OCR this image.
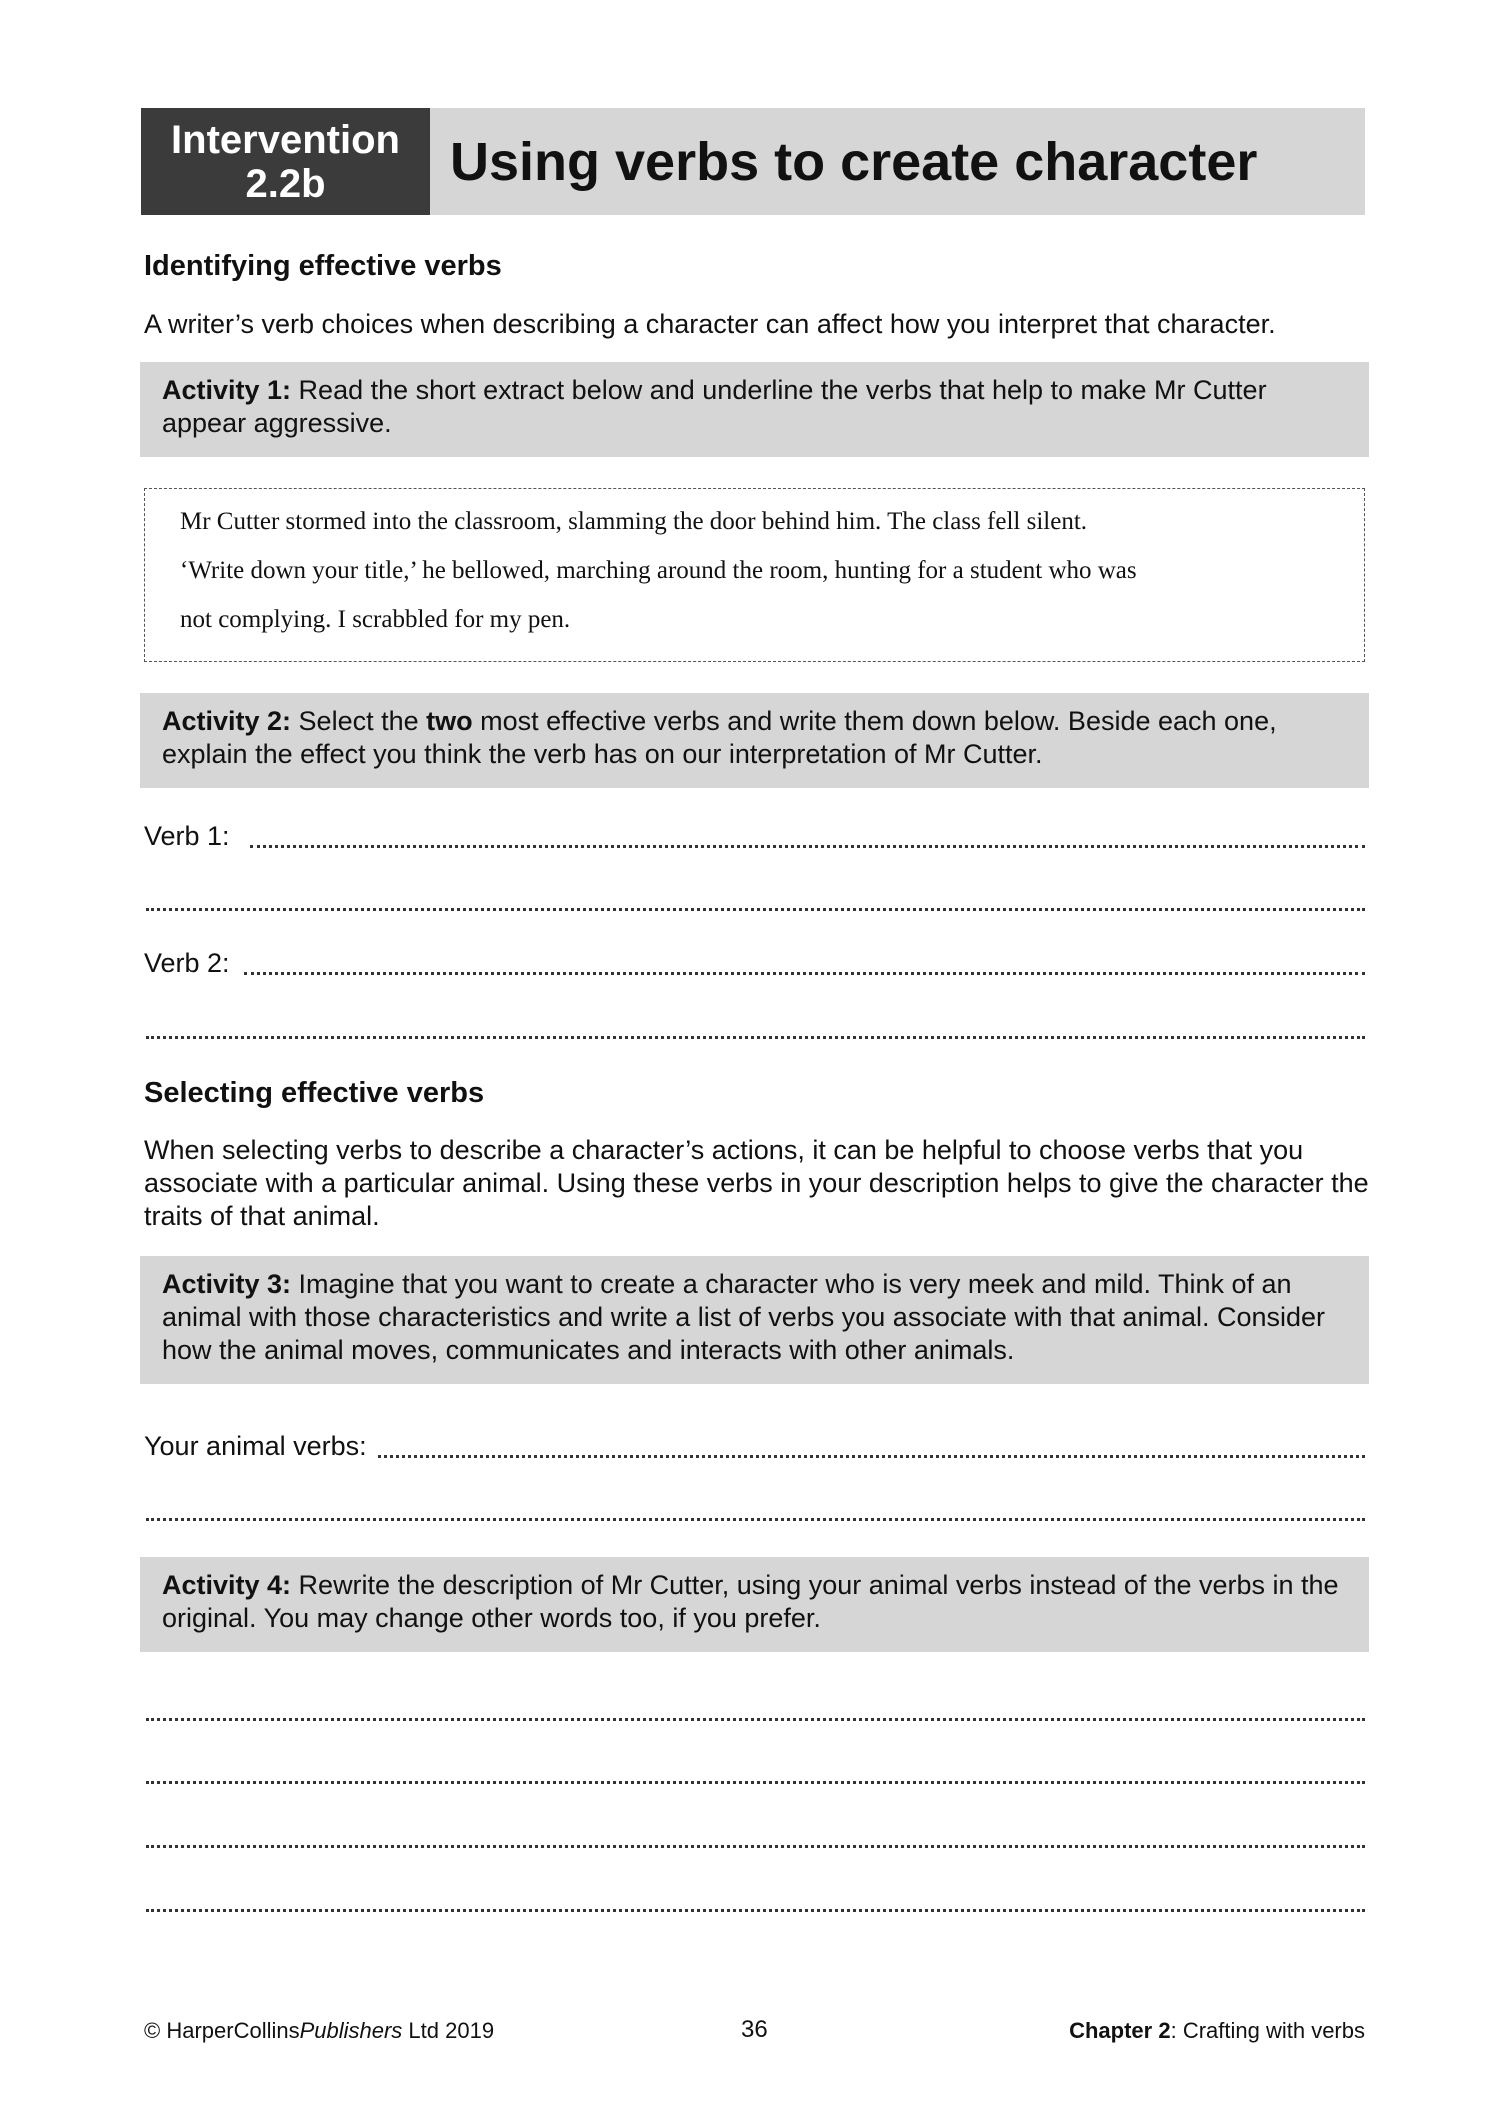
Intervention
2.2b	Using verbs to create character
Identifying effective verbs
A writer’s verb choices when describing a character can affect how you interpret that character.
Activity 1: Read the short extract below and underline the verbs that help to make Mr Cutter appear aggressive.
Mr Cutter stormed into the classroom, slamming the door behind him. The class fell silent.
‘Write down your title,’ he bellowed, marching around the room, hunting for a student who was
not complying. I scrabbled for my pen.
Activity 2: Select the two most effective verbs and write them down below. Beside each one, explain the effect you think the verb has on our interpretation of Mr Cutter.
Verb 1:
Verb 2:
Selecting effective verbs
When selecting verbs to describe a character’s actions, it can be helpful to choose verbs that you associate with a particular animal. Using these verbs in your description helps to give the character the traits of that animal.
Activity 3: Imagine that you want to create a character who is very meek and mild. Think of an animal with those characteristics and write a list of verbs you associate with that animal. Consider how the animal moves, communicates and interacts with other animals.
Your animal verbs:
Activity 4: Rewrite the description of Mr Cutter, using your animal verbs instead of the verbs in the original. You may change other words too, if you prefer.
© HarperCollinsPublishers Ltd 2019	36	Chapter 2: Crafting with verbs
